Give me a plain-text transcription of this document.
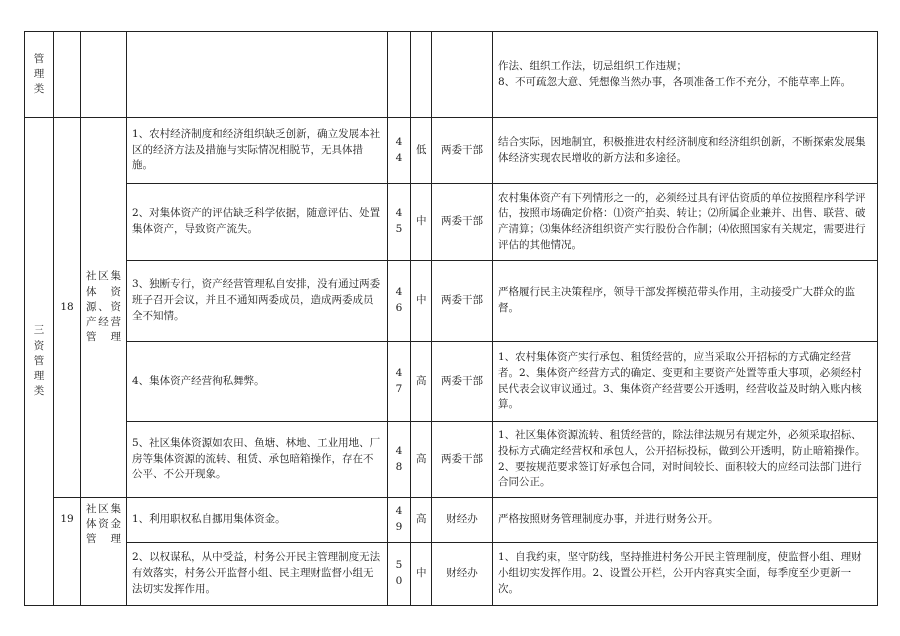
管理类							作法、组织工作法，切忌组织工作违规；
8、不可疏忽大意、凭想像当然办事，各项准备工作不充分，不能草率上阵。

三资管理类	18	社区集体资源、资产经营管理	1、农村经济制度和经济组织缺乏创新，确立发展本社区的经济方法及措施与实际情况相脱节，无具体措施。	44	低	两委干部	结合实际，因地制宜，积极推进农村经济制度和经济组织创新，不断探索发展集体经济实现农民增收的新方法和多途径。
			2、对集体资产的评估缺乏科学依据，随意评估、处置集体资产，导致资产流失。	45	中	两委干部	农村集体资产有下列情形之一的，必须经过具有评估资质的单位按照程序科学评估，按照市场确定价格：⑴资产拍卖、转让；⑵所属企业兼并、出售、联营、破产清算；⑶集体经济组织资产实行股份合作制；⑷依照国家有关规定，需要进行评估的其他情况。
			3、独断专行，资产经营管理私自安排，没有通过两委班子召开会议，并且不通知两委成员，造成两委成员全不知情。	46	中	两委干部	严格履行民主决策程序，领导干部发挥模范带头作用，主动接受广大群众的监督。
			4、集体资产经营徇私舞弊。	47	高	两委干部	1、农村集体资产实行承包、租赁经营的，应当采取公开招标的方式确定经营者。2、集体资产经营方式的确定、变更和主要资产处置等重大事项，必须经村民代表会议审议通过。3、集体资产经营要公开透明，经营收益及时纳入账内核算。
			5、社区集体资源如农田、鱼塘、林地、工业用地、厂房等集体资源的流转、租赁、承包暗箱操作，存在不公平、不公开现象。	48	高	两委干部	1、社区集体资源流转、租赁经营的，除法律法规另有规定外，必须采取招标、投标方式确定经营权和承包人，公开招标投标，做到公开透明，防止暗箱操作。2、要按规范要求签订好承包合同，对时间较长、面积较大的应经司法部门进行合同公正。
	19	社区集体资金管理	1、利用职权私自挪用集体资金。	49	高	财经办	严格按照财务管理制度办事，并进行财务公开。
			2、以权谋私，从中受益，村务公开民主管理制度无法有效落实，村务公开监督小组、民主理财监督小组无法切实发挥作用。	50	中	财经办	1、自我约束，坚守防线，坚持推进村务公开民主管理制度，使监督小组、理财小组切实发挥作用。2、设置公开栏，公开内容真实全面，每季度至少更新一次。
